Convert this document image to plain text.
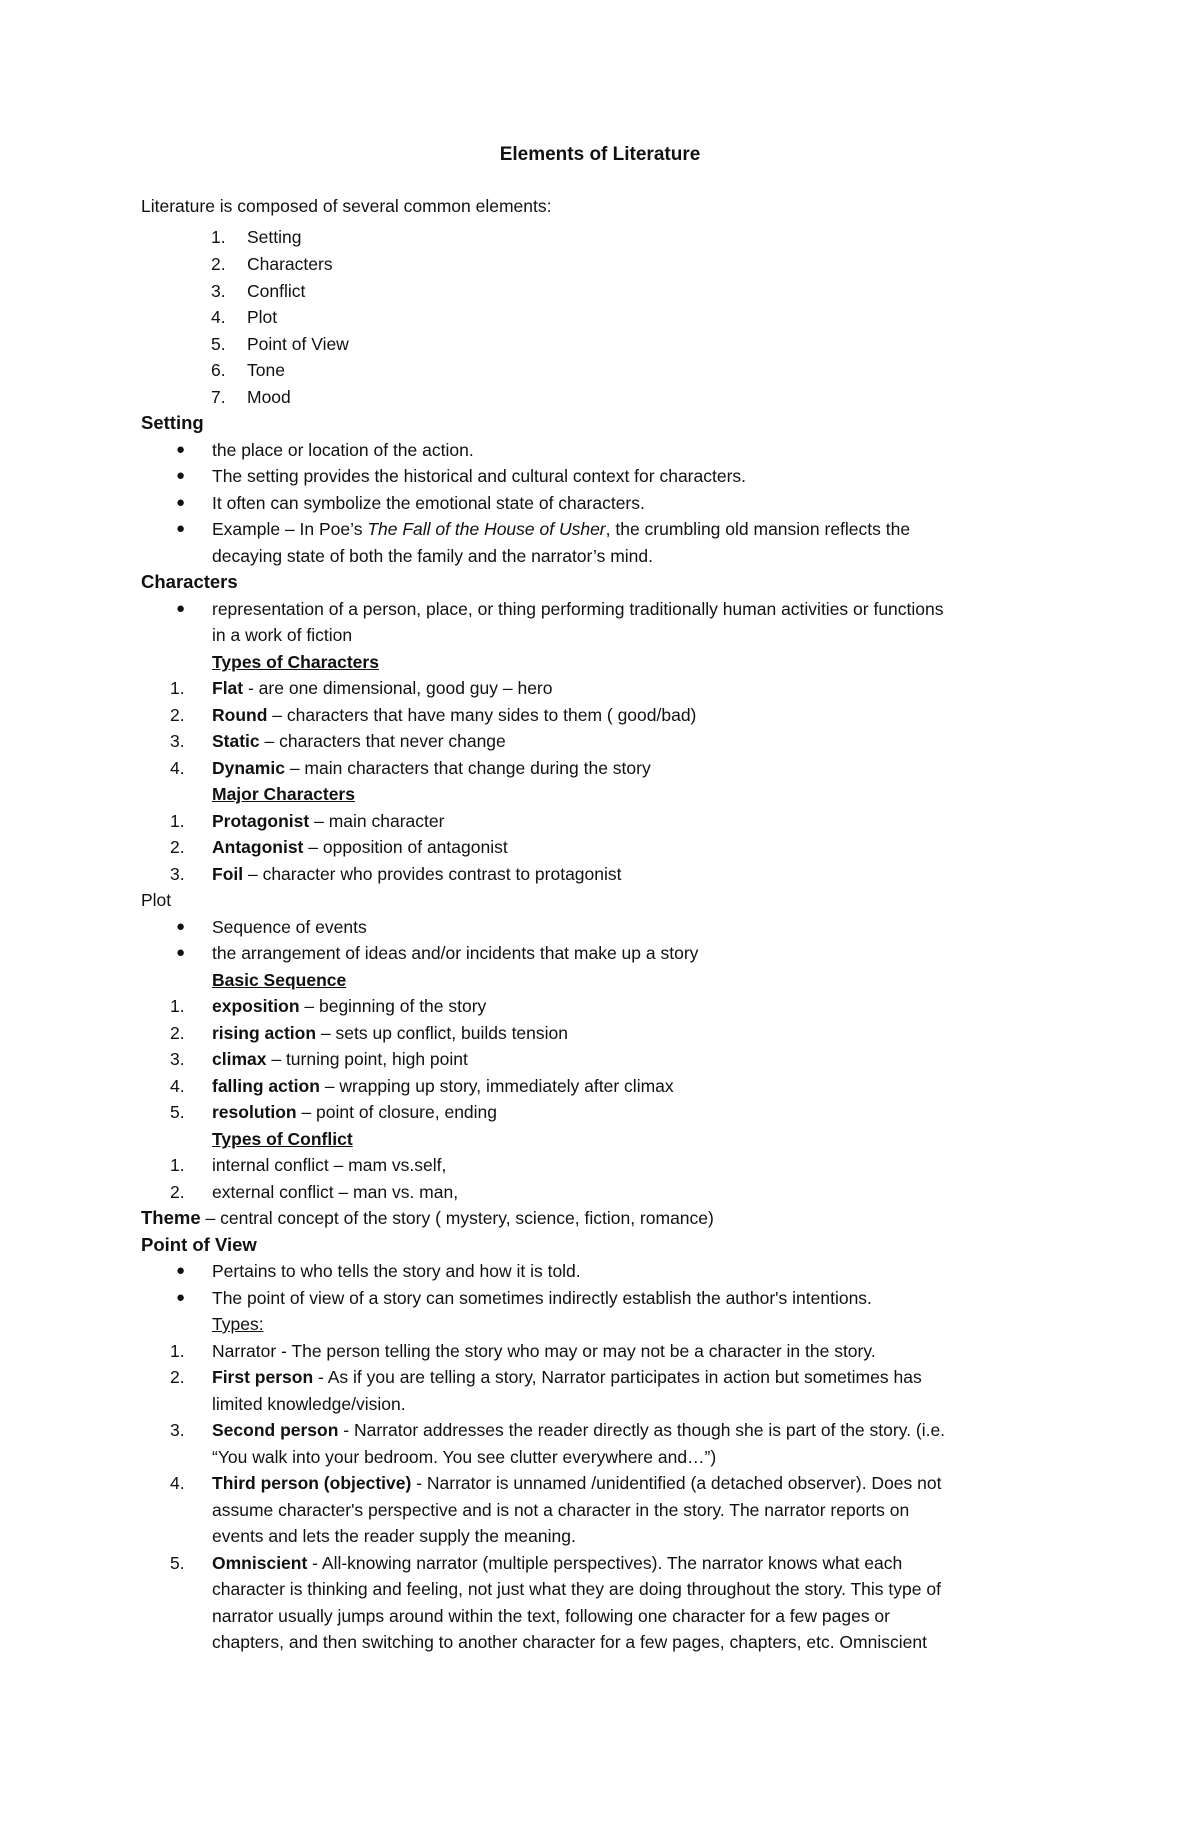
Elements of Literature
Literature is composed of several common elements:
1. Setting
2. Characters
3. Conflict
4. Plot
5. Point of View
6. Tone
7. Mood
Setting
● the place or location of the action.
● The setting provides the historical and cultural context for characters.
● It often can symbolize the emotional state of characters.
● Example – In Poe’s The Fall of the House of Usher, the crumbling old mansion reflects the
decaying state of both the family and the narrator’s mind.
Characters
● representation of a person, place, or thing performing traditionally human activities or functions
in a work of fiction
Types of Characters
1. Flat - are one dimensional, good guy – hero
2. Round – characters that have many sides to them ( good/bad)
3. Static – characters that never change
4. Dynamic – main characters that change during the story
Major Characters
1. Protagonist – main character
2. Antagonist – opposition of antagonist
3. Foil – character who provides contrast to protagonist
Plot
● Sequence of events
● the arrangement of ideas and/or incidents that make up a story
Basic Sequence
1. exposition – beginning of the story
2. rising action – sets up conflict, builds tension
3. climax – turning point, high point
4. falling action – wrapping up story, immediately after climax
5. resolution – point of closure, ending
Types of Conflict
1. internal conflict – mam vs.self,
2. external conflict – man vs. man,
Theme – central concept of the story ( mystery, science, fiction, romance)
Point of View
● Pertains to who tells the story and how it is told.
● The point of view of a story can sometimes indirectly establish the author's intentions.
Types:
1. Narrator - The person telling the story who may or may not be a character in the story.
2. First person - As if you are telling a story, Narrator participates in action but sometimes has
limited knowledge/vision.
3. Second person - Narrator addresses the reader directly as though she is part of the story. (i.e.
“You walk into your bedroom. You see clutter everywhere and…”)
4. Third person (objective) - Narrator is unnamed /unidentified (a detached observer). Does not
assume character's perspective and is not a character in the story. The narrator reports on
events and lets the reader supply the meaning.
5. Omniscient - All-knowing narrator (multiple perspectives). The narrator knows what each
character is thinking and feeling, not just what they are doing throughout the story. This type of
narrator usually jumps around within the text, following one character for a few pages or
chapters, and then switching to another character for a few pages, chapters, etc. Omniscient
